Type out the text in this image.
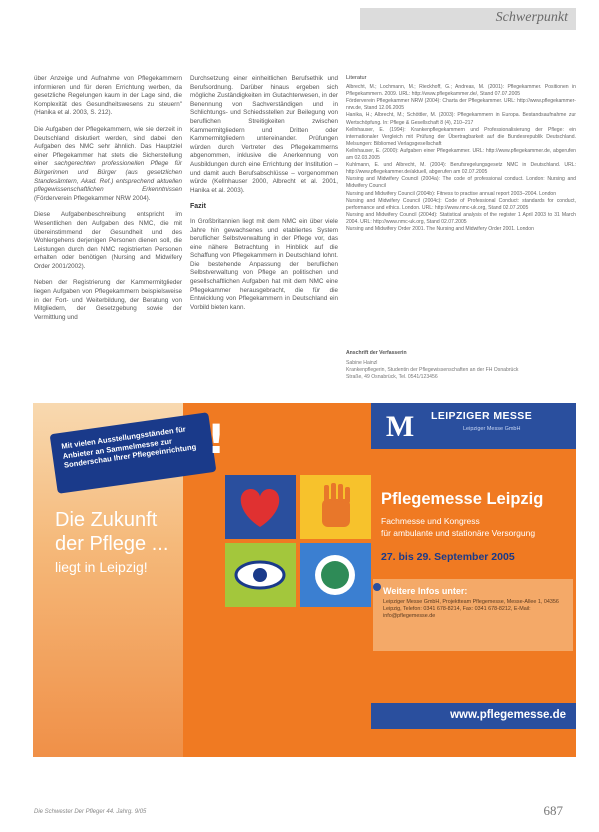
Schwerpunkt

über Anzeige und Aufnahme von Pflegekammern informieren und für deren Errichtung werben, da gesetzliche Regelungen kaum in der Lage sind, die Komplexität des Gesundheitswesens zu steuern" (Hanika et al. 2003, S. 212).

Die Aufgaben der Pflegekammern, wie sie derzeit in Deutschland diskutiert werden, sind dabei den Aufgaben des NMC sehr ähnlich. Das Hauptziel einer Pflegekammer hat stets die Sicherstellung einer sachgerechten professionellen Pflege für Bürgerinnen und Bürger (aus gesetzlichen Standesämtern, Akad. Ref.) entsprechend aktuellen pflegewissenschaftlichen Erkenntnissen (Förderverein Pflegekammer NRW 2004).

Diese Aufgabenbeschreibung entspricht im Wesentlichen den Aufgaben des NMC, die mit übereinstimmend der Gesundheit und des Wohlergehens derjenigen Personen dienen soll, die Leistungen durch den NMC registrierten Personen erhalten oder benötigen (Nursing and Midwifery Order 2001/2002).

Neben der Registrierung der Kammermitglieder liegen Aufgaben von Pflegekammern beispielsweise in der Fort- und Weiterbildung, der Beratung von Mitgliedern, der Gesetzgebung sowie der Vermittlung und

Durchsetzung einer einheitlichen Berufsethik und Berufsordnung. Darüber hinaus ergeben sich mögliche Zuständigkeiten im Gutachterwesen, in der Benennung von Sachverständigen und in Schlichtungs- und Schiedsstellen zur Beilegung von beruflichen Streitigkeiten zwischen Kammermitgliedern und Dritten oder Kammermitgliedern untereinander. Prüfungen würden durch Vertreter des Pflegekammerns abgenommen, inklusive die Anerkennung von Ausbildungen durch eine Errichtung der Institution – und damit auch Berufsabschlüsse – vorgenommen würde (Kellnhauser 2000, Albrecht et al. 2001, Hanika et al. 2003).

Fazit

In Großbritannien liegt mit dem NMC ein über viele Jahre hin gewachsenes und etabliertes System beruflicher Selbstverwaltung in der Pflege vor, das eine nähere Betrachtung in Hinblick auf die Schaffung von Pflegekammern in Deutschland lohnt. Die bestehende Anpassung der beruflichen Selbstverwaltung von Pflege an politischen und gesellschaftlichen Aufgaben hat mit dem NMC eine Pflegekammer herausgebracht, die für die Entwicklung von Pflegekammern in Deutschland ein Vorbild bieten kann.

Literatur

Albrecht, M.; Lochmann, M.; Rieckhoff, G.; Andreas, M. (2001): Pflegekammer. Positionen in Pflegekammern. 2009. URL: http://www.pflegekammer.de/, Stand 07.07.2005

Förderverein Pflegekammer NRW (2004): Charta der Pflegekammer. URL: http://www.pflegekammer-nrw.de, Stand 12.06.2005

Hanika, H.; Albrecht, M.; Schöttler, M. (2003): Pflegekammern in Europa. Bestandsaufnahme zur Wertschöpfung. In: Pflege & Gesellschaft 8 (4), 210–217

Kellnhauser, E. (1994): Krankenpflegekammern und Professionalisierung der Pflege: ein internationaler Vergleich mit Prüfung der Übertragbarkeit auf die Bundesrepublik Deutschland. Melsungen: Bibliomed Verlagsgesellschaft

Kellnhauser, E. (2000): Aufgaben einer Pflegekammer. URL: http://www.pflegekammer.de, abgerufen am 02.03.2005

Kuhlmann, E. und Albrecht, M. (2004): Berufsregelungsgesetz NMC in Deutschland. URL: http://www.pflegekammer.de/aktuell, abgerufen am 02.07.2005

Nursing and Midwifery Council (2004a): The code of professional conduct. London: Nursing and Midwifery Council

Nursing and Midwifery Council (2004b): Fitness to practise annual report 2003–2004. London

Nursing and Midwifery Council (2004c): Code of Professional Conduct: standards for conduct, performance and ethics. London. URL: http://www.nmc-uk.org, Stand 02.07.2005

Nursing and Midwifery Council (2004d): Statistical analysis of the register 1 April 2003 to 31 March 2004. URL: http://www.nmc-uk.org, Stand 02.07.2005

Nursing and Midwifery Order 2001. The Nursing and Midwifery Order 2001. London

Anschrift der Verfasserin
Sabine Hainzl
Krankenpflegerin, Studentin der Pflegewissenschaften an der FH Osnabrück
Straße, 49 Osnabrück, Tel. 0541/123456
Mit vielen Ausstellungsständen für Anbieter an Sammelmesse zur Sonderschau Ihrer Pflegeeinrichtung !
Die Zukunft
der Pflege ...
liegt in Leipzig!
M LEIPZIGER MESSE
Leipziger Messe GmbH
Pflegemesse Leipzig
Fachmesse und Kongress
für ambulante und stationäre Versorgung
27. bis 29. September 2005
Weitere Infos unter:
Leipziger Messe GmbH, Projektteam Pflegemesse, Messe-Allee 1, 04356 Leipzig, Telefon: 0341 678-8214, Fax: 0341 678-8212, E-Mail: info@pflegemesse.de
www.pflegemesse.de
Die Schwester Der Pfleger 44. Jahrg. 9/05	687
